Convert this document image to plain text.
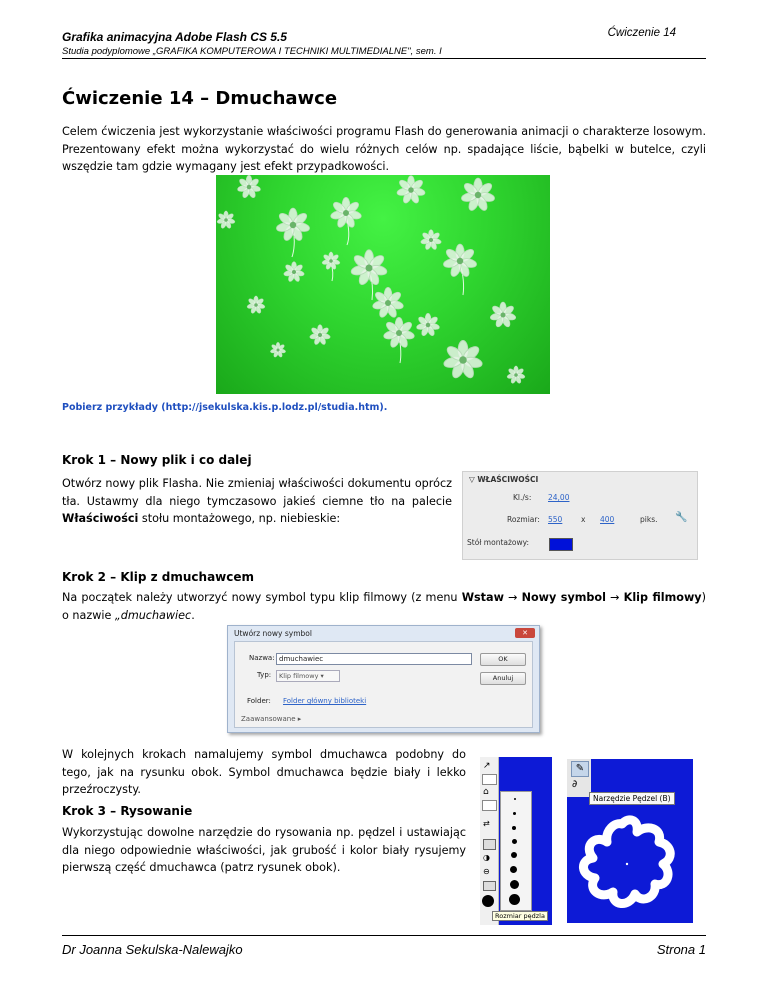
Grafika animacyjna Adobe Flash CS 5.5	Ćwiczenie 14
Studia podyplomowe „GRAFIKA KOMPUTEROWA I TECHNIKI MULTIMEDIALNE", sem. I
Ćwiczenie 14 – Dmuchawce
Celem ćwiczenia jest wykorzystanie właściwości programu Flash do generowania animacji o charakterze losowym. Prezentowany efekt można wykorzystać do wielu różnych celów np. spadające liście, bąbelki w butelce, czyli wszędzie tam gdzie wymagany jest efekt przypadkowości.
Pobierz przykłady (http://jsekulska.kis.p.lodz.pl/studia.htm).
Krok 1 – Nowy plik i co dalej
Otwórz nowy plik Flasha. Nie zmieniaj właściwości dokumentu oprócz tła. Ustawmy dla niego tymczasowo jakieś ciemne tło na palecie Właściwości stołu montażowego, np. niebieskie:
▽ WŁAŚCIWOŚCI
Kl./s: 24,00
Rozmiar: 550 x 400	piks. 🔧
Stół montażowy:
Krok 2 – Klip z dmuchawcem
Na początek należy utworzyć nowy symbol typu klip filmowy (z menu Wstaw → Nowy symbol → Klip filmowy) o nazwie „dmuchawiec.
Utwórz nowy symbol	✕
Nazwa: dmuchawiec
Typ:	Klip filmowy ▾
Folder: Folder główny biblioteki
Zaawansowane ▸
OK
Anuluj
W kolejnych krokach namalujemy symbol dmuchawca podobny do tego, jak na rysunku obok. Symbol dmuchawca będzie biały i lekko przeźroczysty.
Krok 3 – Rysowanie
Wykorzystując dowolne narzędzie do rysowania np. pędzel i ustawiając dla niego odpowiednie właściwości, jak grubość i kolor biały rysujemy pierwszą część dmuchawca (patrz rysunek obok).
↗
⌂
⇄
◑
⊖
Rozmiar pędzla
✎
∂
Narzędzie Pędzel (B)
Dr Joanna Sekulska-Nalewajko	Strona 1
